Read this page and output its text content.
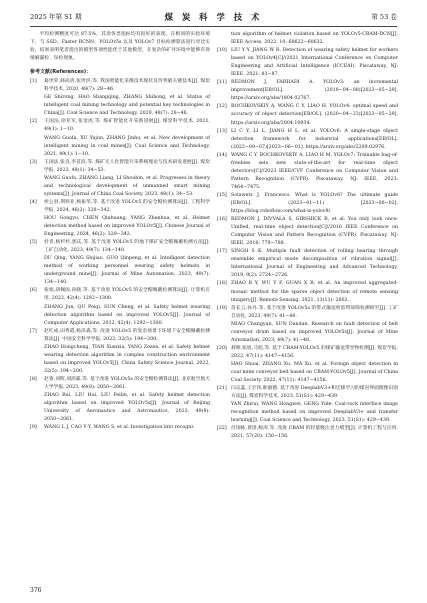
2025 年第 S1 期	煤 炭 科 学 技 术	第 53 卷

平均检测精度可达 87.5%，其余各类指标均有较好的表现。在相同的实验环境下，与 SSD、Faster RCNN、YOLOv5s 以及 YOLOv7 目标检测算法进行对比实验，结果表明笔者提出的模型各项性能优于其他模型，在复杂的矿井环境中能够有效缓解漏检、误检现象。

参考文献(References)：

[1] 葛世荣,郝尚清,张世洪,等. 我国智能化采煤技术现状及待突破关键技术[J]. 煤炭科学技术, 2020, 48(7): 28−46.

GE Shirong, HAO Shangqing, ZHANG Shihong, et al. Status of intelligent coal mining technology and potential key technologies in China[J]. Coal Science and Technology, 2020, 48(7): 28−46.

[2] 王国法,徐亚军,张金虎,等. 煤矿智能化开采新进展[J]. 煤炭科学技术, 2021, 49(1): 1−10.

WANG Guofa, XU Yajun, ZHANG Jinhu, et al. New development of intelligent mining in coal mines[J]. Coal Science and Technology, 2021, 49(1): 1−10.

[3] 王国法,张良,李首滨,等. 煤矿无人化智能开采系统理论与技术研发进展[J]. 煤炭学报, 2023, 48(1): 34−53.

WANG Guofa, ZHANG Liang, LI Shoubin, et al. Progresses in theory and technological development of unmanned smart mining systems[J]. Journal of China Coal Society, 2023, 48(1): 34−53.

[4] 侯公羽,荆铁亚,杨振华,等. 基于改进 YOLOv5 的安全帽检测算法[J]. 工程科学学报, 2024, 46(2): 329−342.

HOU Gongyu, CHEN Qinhuang, YANG Zhenhua, et al. Helmet detection method based on improved YOLOv5[J]. Chinese Journal of Engineering, 2024, 46(2): 329−342.

[5] 杜青,杨杉杉,郭庆,等. 基于改进 YOLOv5 的地下煤矿安全帽佩戴检测方法[J]. 工矿自动化, 2023, 49(7): 134−140.

DU Qing, YANG Shijiao, GUO Qinpeng, et al. Intelligent detection method of working personnel wearing safety helmets in underground mine[J]. Journal of Mine Automation, 2023, 49(7): 134−140.

[6] 张娟,胡佩雨,孙晓,等. 基于改进 YOLOv5 的安全帽佩戴检测算法[J]. 计算机应用, 2022, 42(4): 1292−1300.

ZHANG Jun, QU Peiqi, SUN Cheng, et al. Safety helmet wearing detection algorithm based on improved YOLOv5[J]. Journal of Computer Applications, 2022, 42(4): 1292−1300.

[7] 赵红成,田秀霞,杨泽森,等. 改进 YOLOv5 的复杂场景下环境下安全帽佩戴检测算法[J]. 中国安全科学学报, 2022, 32(5): 194−200.

ZHAO Hongcheng, TIAN Xianxia, YANG Zezen, et al. Safety helmet wearing detection algorithm in complex construction environment based on improved YOLOv5[J]. China Safety Science Journal, 2022, 32(5): 194−200.

[8] 赵睿,刘辉,刘沛霖,等. 基于改进 YOLOv5s 的安全帽检测算法[J]. 北京航空航天大学学报, 2023, 49(8): 2050−2061.

ZHAO Rui, LIU Hui, LIU Peilin, et al. Safety helmet detection algorithm based on improved YOLOv5s[J]. Journal of Beijing University of Aeronautics and Astronautics, 2023, 49(8): 2050−2061.

[9] WANG L J, CAO Y Y, WANG S, et al. Investigation into recogni-

tion algorithm of helmet violation based on YOLOv5-CBAM-DCN[J]. IEEE Access, 2022, 10: 60622−60632.

[10] LIU Y Y, JIANG W R. Detection of wearing safety helmet for workers based on YOLOv4[C]//2021 International Conference on Computer Engineering and Artificial Intelligence (ICCEAI). Piscataway, NJ: IEEE, 2021: 83−87.

[11] REDMON J, FARHADI A. YOLOv3: an incremental improvement[EB/OL]. (2018−04−08)[2023−05−29]. https://arxiv.org/abs/1804.02767.

[12] BOCHKOVSKIY A, WANG C Y, LIAO H. YOLOv4: optimal speed and accuracy of object detection[EB/OL]. (2020−04−23)[2023−05−29]. https://arxiv.org/abs/2004.10934.

[13] LI C Y, LI L, JIANG H L, et al. YOLOv6: A single-stage object detection framework for industrial applications[EB/OL]. (2022−09−07)[2023−06−01]. https://arxiv.org/abs/2209.02976.

[14] WANG C Y, BOCHKOVSKIY A, LIAO H M. YOLOv7: Trainable bag-of-freebies sets new state-of-the-art for real-time object detectors[C]//2023 IEEE/CVF Conference on Computer Vision and Pattern Recognition (CVPR). Piscataway, NJ: IEEE, 2023: 7464−7475.

[15] Solawetz J, Francesco. What is YOLOv8? The ultimate guide [EB/OL]. (2023−01−11) [2023−06−02]. https://blog.roboflow.com/what-is-yolov8/.

[16] REDMON J, DIVVALA S, GIRSHICK R, et al. You only look once: Unified, real-time object detection[C]//2016 IEEE Conference on Computer Vision and Pattern Recognition (CVPR). Piscataway, NJ: IEEE, 2016: 779−788.

[17] SINGH S K. Multiple fault detection of rolling bearing through ensemble empirical mode decomposition of vibration signal[J]. International Journal of Engineering and Advanced Technology, 2019, 9(2): 2724−2726.

[18] ZHAO B Y, WU Y F, GUAN X R, et al. An improved aggregated-mosaic method for the sparse object detection of remote sensing imagery[J]. Remote Sensing, 2021, 13(13): 2602.

[19] 苗长云,孙丹,等. 基于改进 YOLOv5s 的带式输送机胶带故障检测研究[J]. 工矿自动化, 2023, 49(7): 41−48.

MIAO Changyun, SUN Dandan. Research on fault detection of belt conveyor drum based on improved YOLOv5s[J]. Journal of Mine Automation, 2023, 49(7): 41−48.

[20] 郝帅,张旭,马旭,等. 基于 CBAM-YOLOv5 的煤矿输送带异物检测[J]. 煤炭学报, 2022, 47(11): 4147−4156.

HAO Shuai, ZHANG Xu, MA Xu, et al. Foreign object detection in coal mine conveyor belt based on CBAM-YOLOv5[J]. Journal of China Coal Society, 2022, 47(11): 4147−4156.

[21] 闫志蕊,王宏伟,耿毅德. 基于改进 DeeplabV3+和迁移学习的煤岩界面图像识别方法[J]. 煤炭科学技术, 2023, 51(S1): 429−439.

YAN Zhirui, WANG Hongwei, GENG Yide. Coal-rock interface image recognition method based on improved DeeplabV3+ and transfer learning[J]. Coal Science and Technology, 2023, 51(S1): 429−439.

[22] 付国栋,黄进,杨涛,等. 改进 CBAM 的轻量级注意力模型[J]. 计算机工程与应用, 2021, 57(20): 150−156.

376
